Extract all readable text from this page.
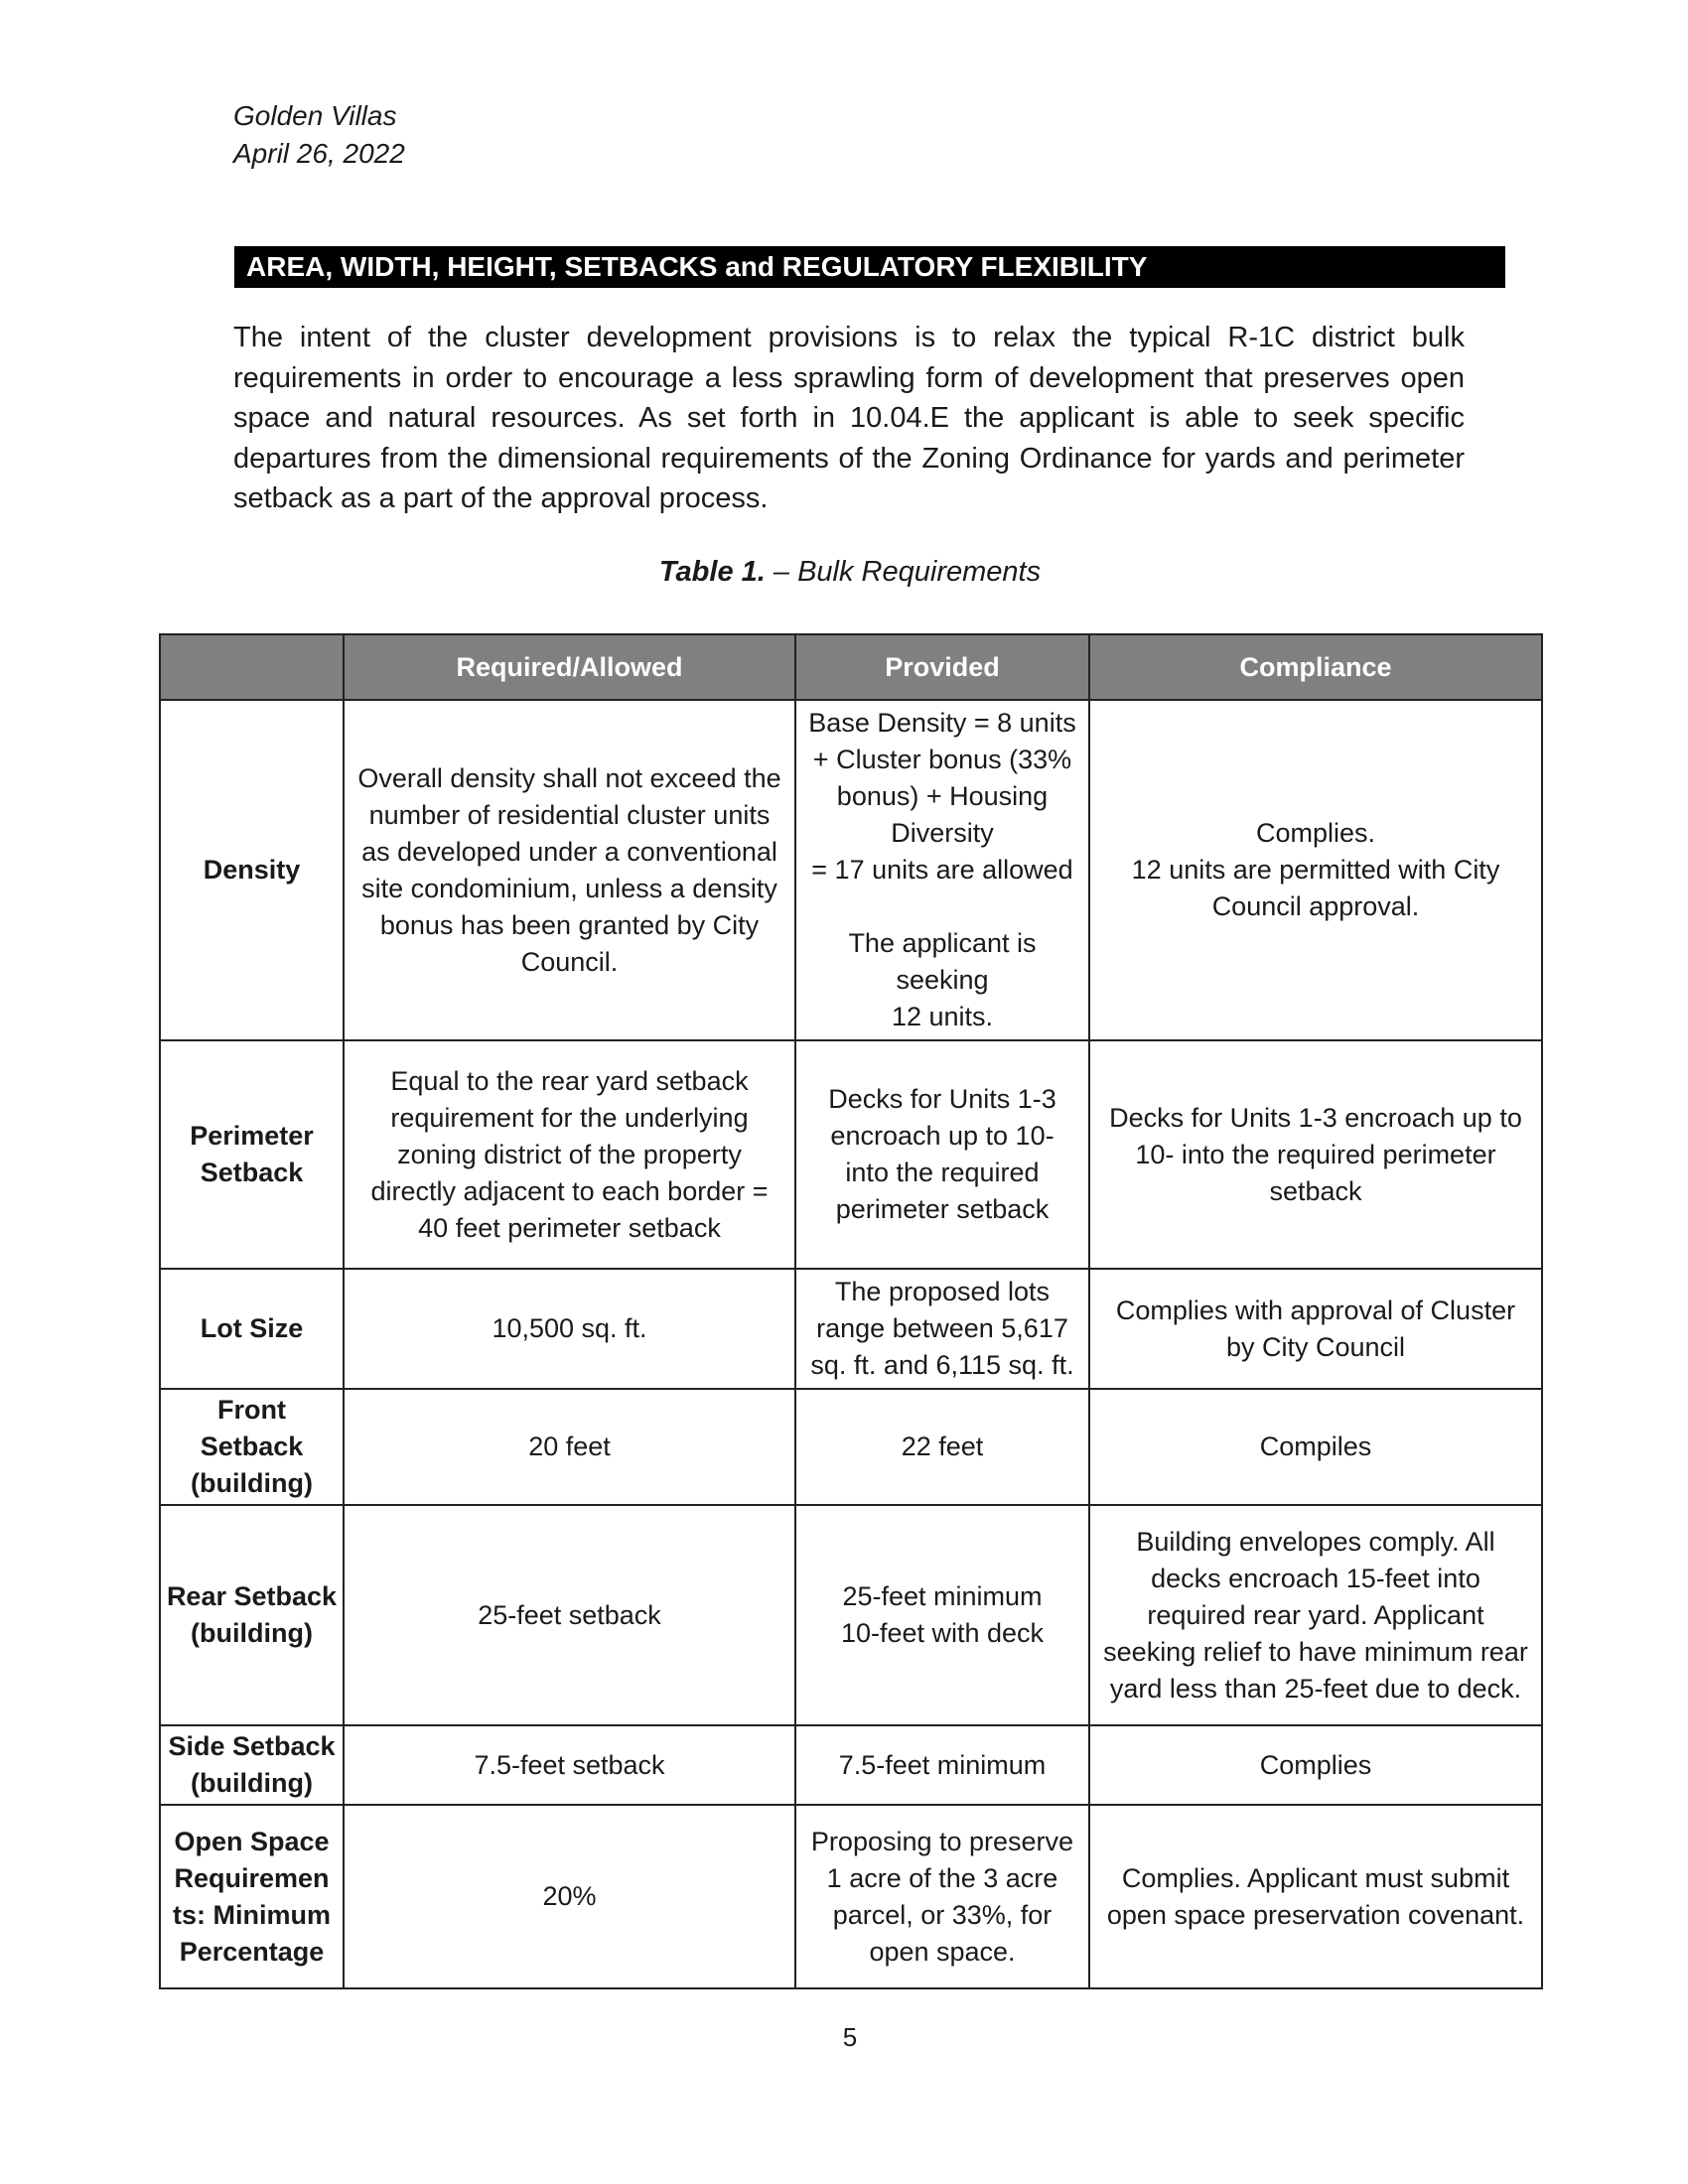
Golden Villas
April 26, 2022
AREA, WIDTH, HEIGHT, SETBACKS and REGULATORY FLEXIBILITY
The intent of the cluster development provisions is to relax the typical R-1C district bulk requirements in order to encourage a less sprawling form of development that preserves open space and natural resources. As set forth in 10.04.E the applicant is able to seek specific departures from the dimensional requirements of the Zoning Ordinance for yards and perimeter setback as a part of the approval process.
Table 1. – Bulk Requirements
	Required/Allowed	Provided	Compliance
Density	Overall density shall not exceed the number of residential cluster units as developed under a conventional site condominium, unless a density bonus has been granted by City Council.	Base Density = 8 units + Cluster bonus (33% bonus) + Housing Diversity
= 17 units are allowed

The applicant is seeking
12 units.	Complies.
12 units are permitted with City Council approval.
Perimeter Setback	Equal to the rear yard setback requirement for the underlying zoning district of the property directly adjacent to each border = 40 feet perimeter setback	Decks for Units 1-3 encroach up to 10- into the required perimeter setback	Decks for Units 1-3 encroach up to 10- into the required perimeter setback
Lot Size	10,500 sq. ft.	The proposed lots range between 5,617 sq. ft. and 6,115 sq. ft.	Complies with approval of Cluster by City Council
Front Setback (building)	20 feet	22 feet	Compiles
Rear Setback (building)	25-feet setback	25-feet minimum
10-feet with deck	Building envelopes comply. All decks encroach 15-feet into required rear yard. Applicant seeking relief to have minimum rear yard less than 25-feet due to deck.
Side Setback (building)	7.5-feet setback	7.5-feet minimum	Complies
Open Space Requiremen ts: Minimum Percentage	20%	Proposing to preserve 1 acre of the 3 acre parcel, or 33%, for open space.	Complies. Applicant must submit open space preservation covenant.
5
